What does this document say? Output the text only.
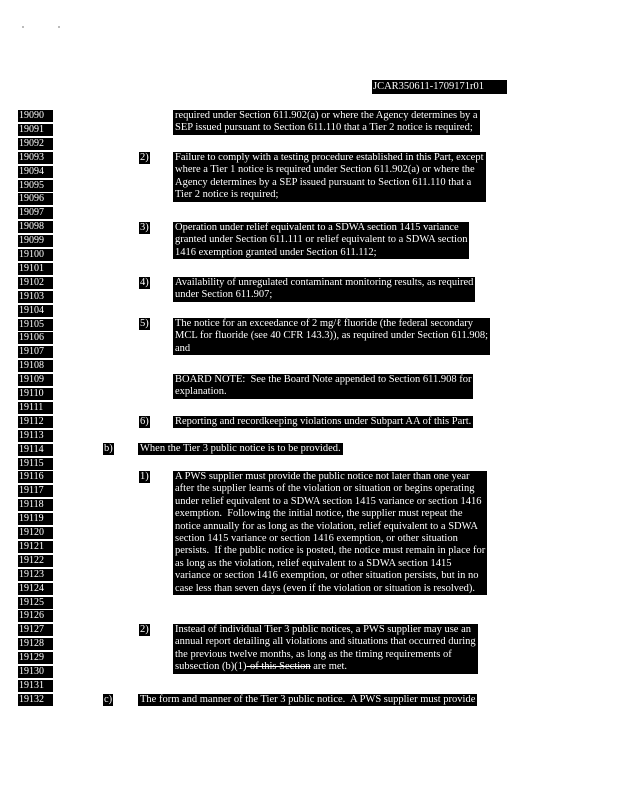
JCAR350611-1709171r01
19090
19091
19092
19093
19094
19095
19096
19097
19098
19099
19100
19101
19102
19103
19104
19105
19106
19107
19108
19109
19110
19111
19112
19113
19114
19115
19116
19117
19118
19119
19120
19121
19122
19123
19124
19125
19126
19127
19128
19129
19130
19131
19132
2)
3)
4)
5)
6)
b)
1)
2)
c)
required under Section 611.902(a) or where the Agency determines by a
SEP issued pursuant to Section 611.110 that a Tier 2 notice is required;
Failure to comply with a testing procedure established in this Part, except
where a Tier 1 notice is required under Section 611.902(a) or where the
Agency determines by a SEP issued pursuant to Section 611.110 that a
Tier 2 notice is required;
Operation under relief equivalent to a SDWA section 1415 variance
granted under Section 611.111 or relief equivalent to a SDWA section
1416 exemption granted under Section 611.112;
Availability of unregulated contaminant monitoring results, as required
under Section 611.907;
The notice for an exceedance of 2 mg/ℓ fluoride (the federal secondary
MCL for fluoride (see 40 CFR 143.3)), as required under Section 611.908;
and
BOARD NOTE:  See the Board Note appended to Section 611.908 for
explanation.
Reporting and recordkeeping violations under Subpart AA of this Part.
When the Tier 3 public notice is to be provided.
A PWS supplier must provide the public notice not later than one year
after the supplier learns of the violation or situation or begins operating
under relief equivalent to a SDWA section 1415 variance or section 1416
exemption.  Following the initial notice, the supplier must repeat the
notice annually for as long as the violation, relief equivalent to a SDWA
section 1415 variance or section 1416 exemption, or other situation
persists.  If the public notice is posted, the notice must remain in place for
as long as the violation, relief equivalent to a SDWA section 1415
variance or section 1416 exemption, or other situation persists, but in no
case less than seven days (even if the violation or situation is resolved).
Instead of individual Tier 3 public notices, a PWS supplier may use an
annual report detailing all violations and situations that occurred during
the previous twelve months, as long as the timing requirements of
subsection (b)(1)-of this Section are met.
The form and manner of the Tier 3 public notice.  A PWS supplier must provide
